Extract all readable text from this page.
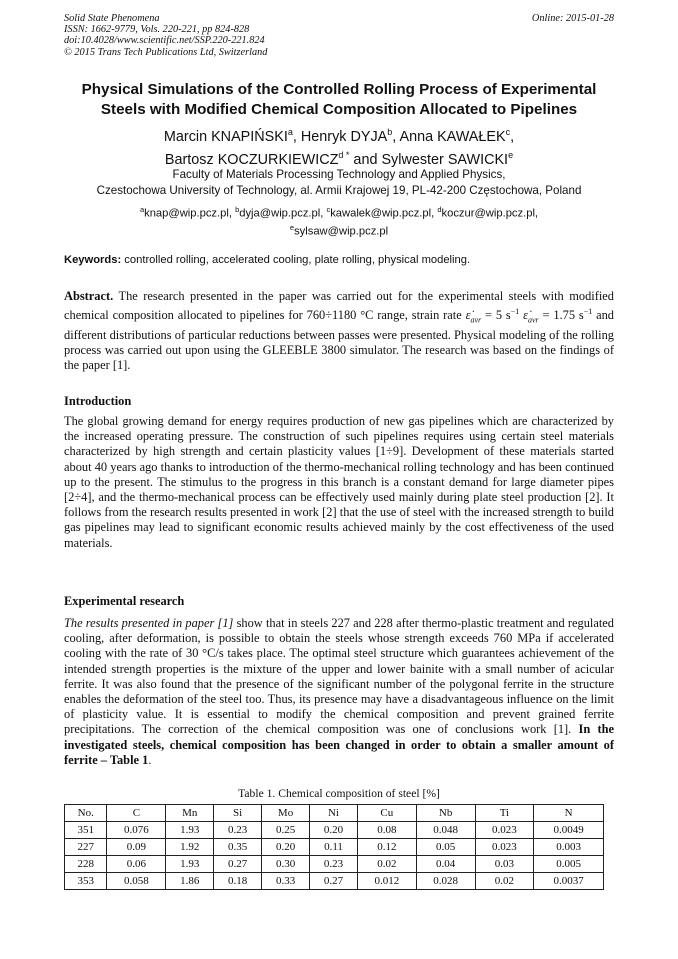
Solid State Phenomena
ISSN: 1662-9779, Vols. 220-221, pp 824-828
doi:10.4028/www.scientific.net/SSP.220-221.824
© 2015 Trans Tech Publications Ltd, Switzerland
Online: 2015-01-28
Physical Simulations of the Controlled Rolling Process of Experimental
Steels with Modified Chemical Composition Allocated to Pipelines
Marcin KNAPIŃSKI$^a$, Henryk DYJA$^b$, Anna KAWAŁEK$^c$,
Bartosz $KOCZURKIEWICZ^{d *}$ and Sylwester SAWICKI$^e$
Faculty of Materials Processing Technology and Applied Physics,
Czestochowa University of Technology, al. Armii Krajowej 19, PL-42-200 Częstochowa, Poland
$^a$knap@wip.pcz.pl, $^b$dyja@wip.pcz.pl, $^c$kawalek@wip.pcz.pl, $^d$koczur@wip.pcz.pl,
$^e$sylsaw@wip.pcz.pl
Keywords: controlled rolling, accelerated cooling, plate rolling, physical modeling.
Abstract. The research presented in the paper was carried out for the experimental steels with modified chemical composition allocated to pipelines for 760÷1180 °C range, strain rate $\varepsiloṅ_{avr} = 5$ $s^{-1}$ $\varepsiloṅ_{avr} = 1.75$ $s^{-1}$ and different distributions of particular reductions between passes were presented. Physical modeling of the rolling process was carried out upon using the GLEEBLE 3800 simulator. The research was based on the findings of the paper [1].
Introduction
The global growing demand for energy requires production of new gas pipelines which are characterized by the increased operating pressure. The construction of such pipelines requires using certain steel materials characterized by high strength and certain plasticity values [1÷9]. Development of these materials started about 40 years ago thanks to introduction of the thermo-mechanical rolling technology and has been continued up to the present. The stimulus to the progress in this branch is a constant demand for large diameter pipes [2÷4], and the thermo-mechanical process can be effectively used mainly during plate steel production [2]. It follows from the research results presented in work [2] that the use of steel with the increased strength to build gas pipelines may lead to significant economic results achieved mainly by the cost effectiveness of the used materials.
Experimental research
The results presented in paper [1] show that in steels 227 and 228 after thermo-plastic treatment and regulated cooling, after deformation, is possible to obtain the steels whose strength exceeds 760 MPa if accelerated cooling with the rate of 30 °C/s takes place. The optimal steel structure which guarantees achievement of the intended strength properties is the mixture of the upper and lower bainite with a small number of acicular ferrite. It was also found that the presence of the significant number of the polygonal ferrite in the structure enables the deformation of the steel too. Thus, its presence may have a disadvantageous influence on the limit of plasticity value. It is essential to modify the chemical composition and prevent grained ferrite precipitations. The correction of the chemical composition was one of conclusions work [1]. In the investigated steels, chemical composition has been changed in order to obtain a smaller amount of ferrite – Table 1.
Table 1. Chemical composition of steel [%]
No.	C	Mn	Si	Mo	Ni	Cu	Nb	Ti	N
351	0.076	1.93	0.23	0.25	0.20	0.08	0.048	0.023	0.0049
227	0.09	1.92	0.35	0.20	0.11	0.12	0.05	0.023	0.003
228	0.06	1.93	0.27	0.30	0.23	0.02	0.04	0.03	0.005
353	0.058	1.86	0.18	0.33	0.27	0.012	0.028	0.02	0.0037
